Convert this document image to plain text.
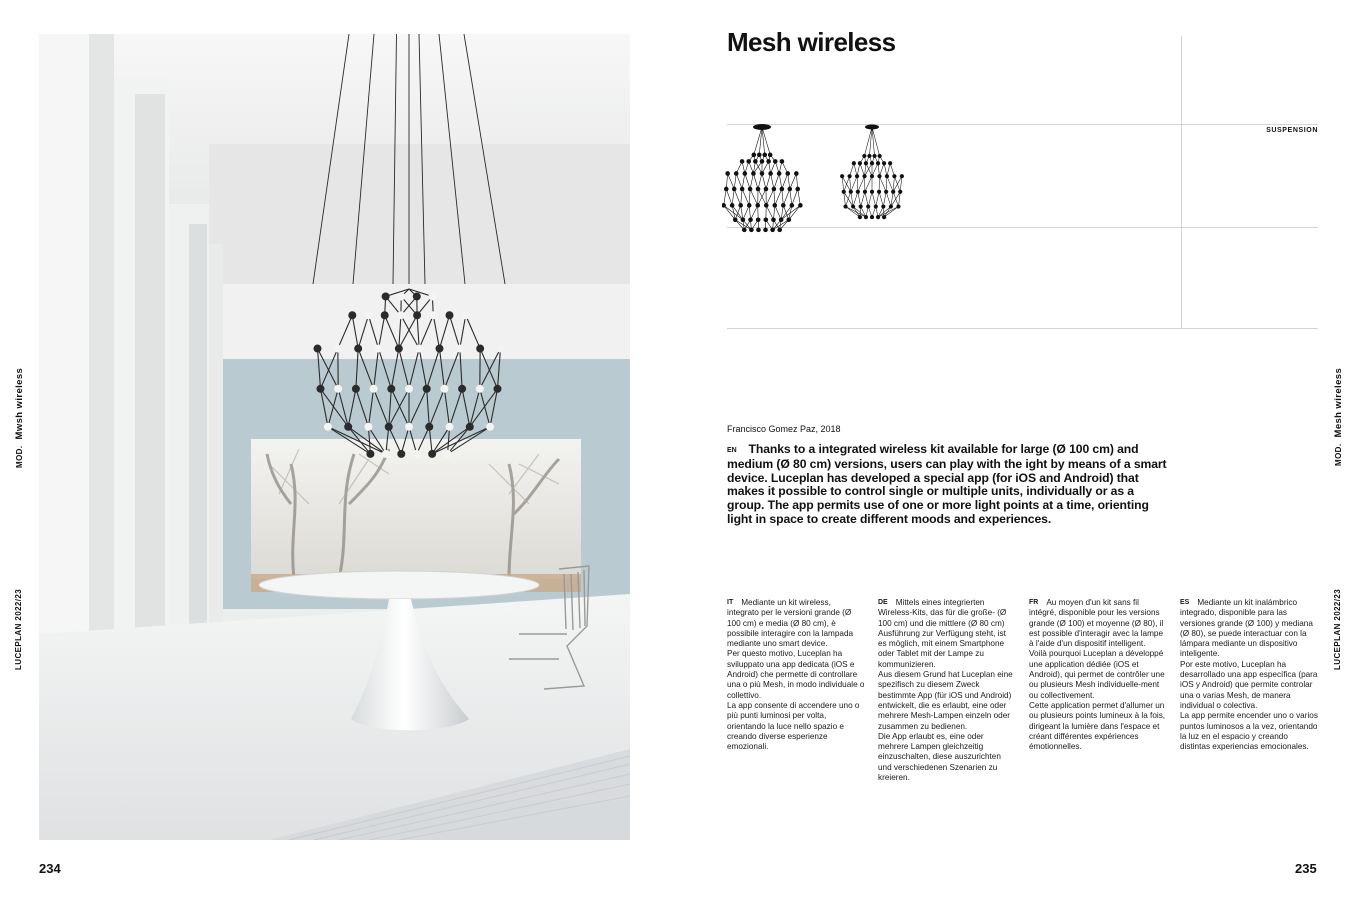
MOD.Mwsh wireless
LUCEPLAN 2022/23
MOD.Mesh wireless
LUCEPLAN 2022/23
234	235
Mesh wireless
SUSPENSION
Francisco Gomez Paz, 2018
EN Thanks to a integrated wireless kit available for large (Ø 100 cm) and medium (Ø 80 cm) versions, users can play with the ight by means of a smart device. Luceplan has developed a special app (for iOS and Android) that makes it possible to control single or multiple units, individually or as a group. The app permits use of one or more light points at a time, orienting light in space to create different moods and experiences.

IT Mediante un kit wireless, integrato per le versioni grande (Ø 100 cm) e media (Ø 80 cm), è possibile interagire con la lampada mediante uno smart device.

Per questo motivo, Luceplan ha sviluppato una app dedicata (iOS e Android) che permette di controllare una o più Mesh, in modo individuale o collettivo.

La app consente di accendere uno o più punti luminosi per volta, orientando la luce nello spazio e creando diverse esperienze emozionali.

DE Mittels eines integrierten Wireless-Kits, das für die große- (Ø 100 cm) und die mittlere (Ø 80 cm) Ausführung zur Verfügung steht, ist es möglich, mit einem Smartphone oder Tablet mit der Lampe zu kommunizieren.

Aus diesem Grund hat Luceplan eine spezifisch zu diesem Zweck bestimmte App (für iOS und Android) entwickelt, die es erlaubt, eine oder mehrere Mesh-Lampen einzeln oder zusammen zu bedienen.

Die App erlaubt es, eine oder mehrere Lampen gleichzeitig einzuschalten, diese auszurichten und verschiedenen Szenarien zu kreieren.

FR Au moyen d'un kit sans fil intégré, disponible pour les versions grande (Ø 100) et moyenne (Ø 80), il est possible d'interagir avec la lampe à l'aide d'un dispositif intelligent.

Voilà pourquoi Luceplan a développé une application dédiée (iOS et Android), qui permet de contrôler une ou plusieurs Mesh individuelle-ment ou collectivement.

Cette application permet d'allumer un ou plusieurs points lumineux à la fois, dirigeant la lumière dans l'espace et créant différentes expériences émotionnelles.

ES Mediante un kit inalámbrico integrado, disponible para las versiones grande (Ø 100) y mediana (Ø 80), se puede interactuar con la lámpara mediante un dispositivo inteligente.

Por este motivo, Luceplan ha desarrollado una app específica (para iOS y Android) que permite controlar una o varias Mesh, de manera individual o colectiva.

La app permite encender uno o varios puntos luminosos a la vez, orientando la luz en el espacio y creando distintas experiencias emocionales.
